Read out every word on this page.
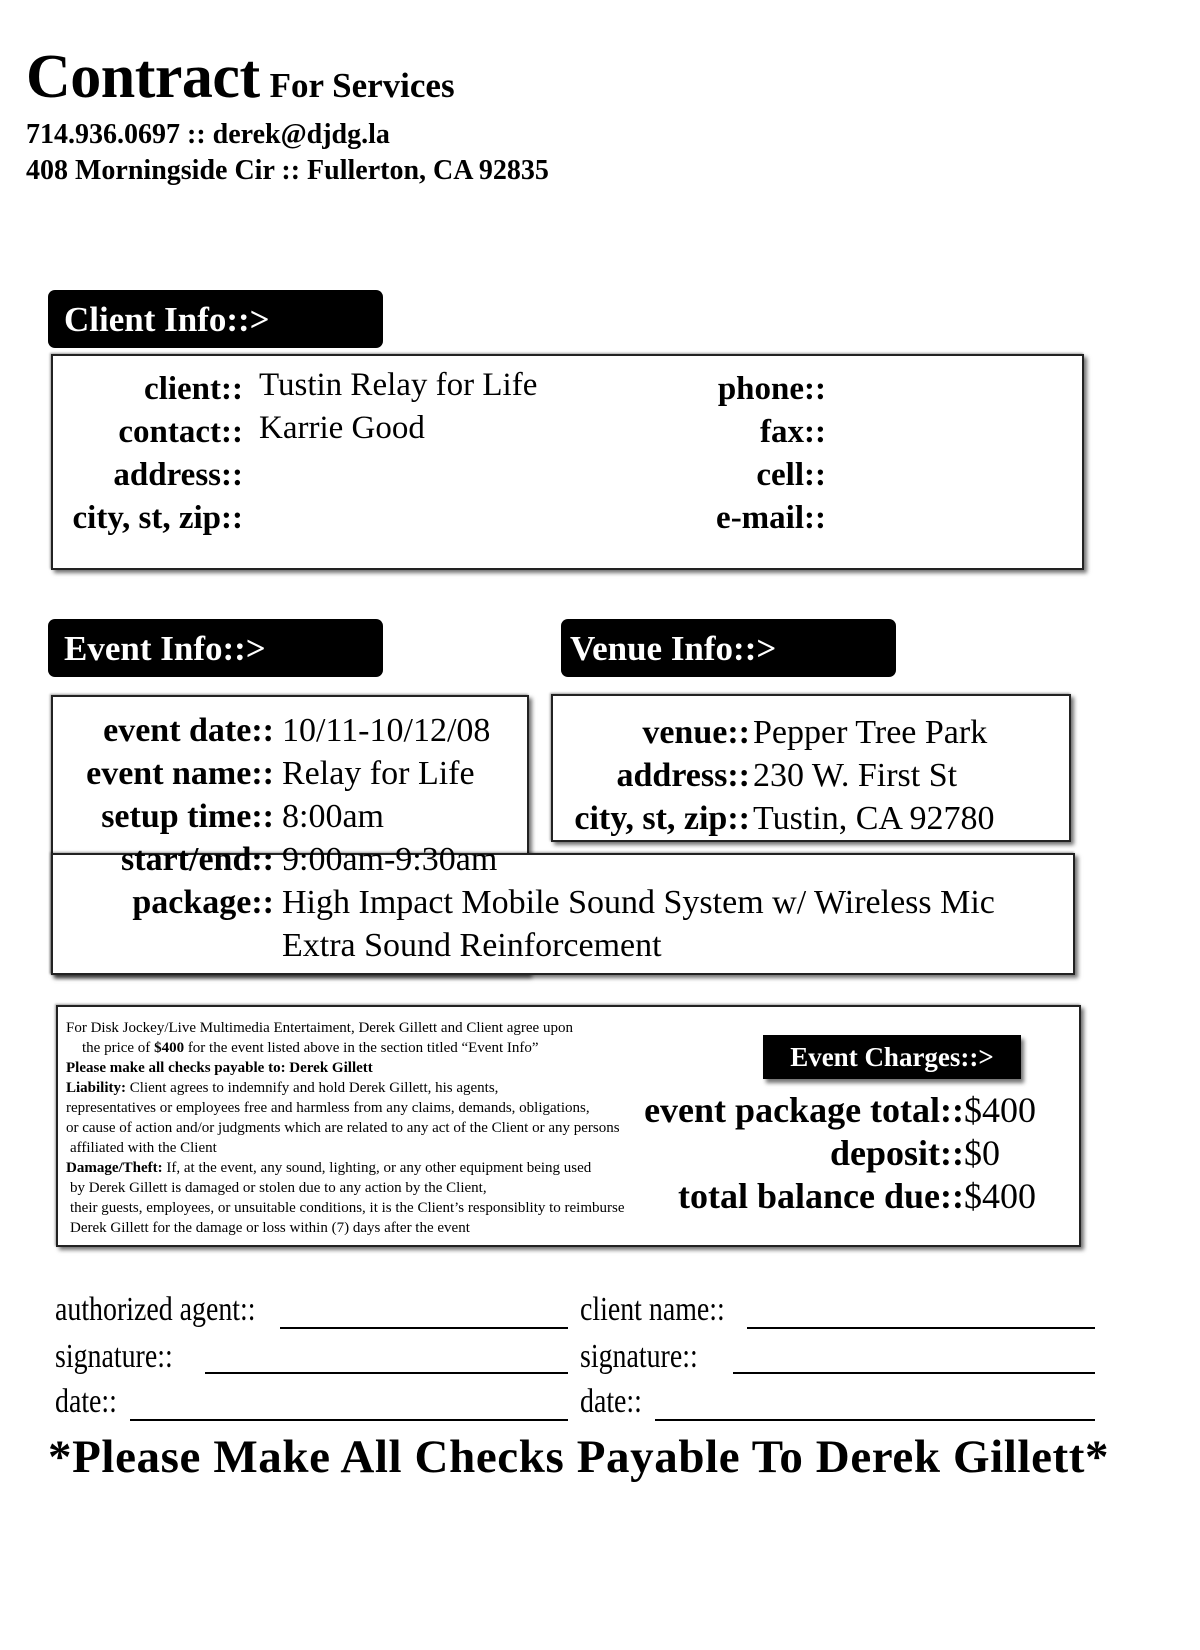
Contract For Services
714.936.0697 :: derek@djdg.la
408 Morningside Cir :: Fullerton, CA 92835
Client Info::>
client:: Tustin Relay for Life
contact:: Karrie Good
address::
city, st, zip::
phone::
fax::
cell::
e-mail::
Event Info::>	Venue Info::>
event date:: 10/11-10/12/08
event name:: Relay for Life
setup time:: 8:00am
start/end:: 9:00am-9:30am
package:: High Impact Mobile Sound System w/ Wireless Mic
Extra Sound Reinforcement
venue:: Pepper Tree Park
address:: 230 W. First St
city, st, zip:: Tustin, CA 92780
For Disk Jockey/Live Multimedia Entertaiment, Derek Gillett and Client agree upon
the price of $400 for the event listed above in the section titled “Event Info”
Please make all checks payable to: Derek Gillett
Liability: Client agrees to indemnify and hold Derek Gillett, his agents,
representatives or employees free and harmless from any claims, demands, obligations,
or cause of action and/or judgments which are related to any act of the Client or any persons
affiliated with the Client
Damage/Theft: If, at the event, any sound, lighting, or any other equipment being used
by Derek Gillett is damaged or stolen due to any action by the Client,
their guests, employees, or unsuitable conditions, it is the Client’s responsiblity to reimburse
Derek Gillett for the damage or loss within (7) days after the event
Event Charges::>
event package total::$400
deposit::$0
total balance due::$400
authorized agent::
signature::
date::
client name::
signature::
date::
*Please Make All Checks Payable To Derek Gillett*
